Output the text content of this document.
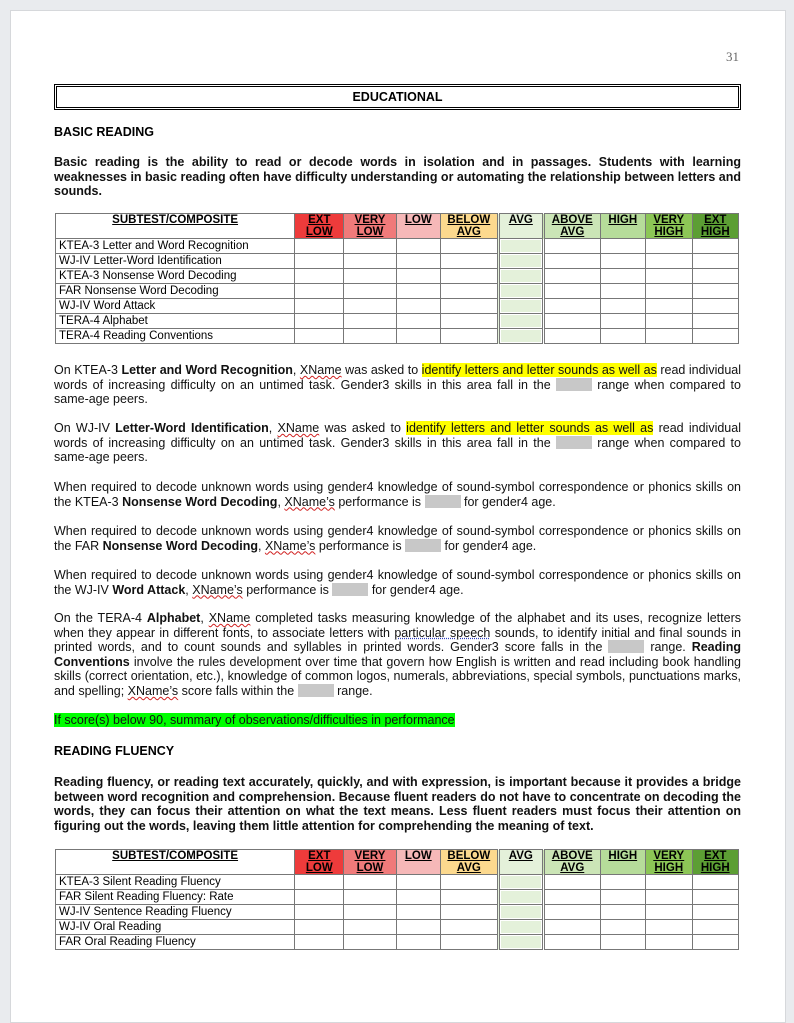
31
EDUCATIONAL
BASIC READING

Basic reading is the ability to read or decode words in isolation and in passages. Students with learning weaknesses in basic reading often have difficulty understanding or automating the relationship between letters and sounds.

SUBTEST/COMPOSITE	EXT LOW	VERY LOW	LOW	BELOW AVG	AVG	ABOVE AVG	HIGH	VERY HIGH	EXT HIGH
KTEA-3 Letter and Word Recognition									
WJ-IV Letter-Word Identification									
KTEA-3 Nonsense Word Decoding									
FAR Nonsense Word Decoding									
WJ-IV Word Attack									
TERA-4 Alphabet									
TERA-4 Reading Conventions									

On KTEA-3 Letter and Word Recognition, XName was asked to identify letters and letter sounds as well as read individual words of increasing difficulty on an untimed task. Gender3 skills in this area fall in the	range when compared to same-age peers.

On WJ-IV Letter-Word Identification, XName was asked to identify letters and letter sounds as well as read individual words of increasing difficulty on an untimed task. Gender3 skills in this area fall in the	range when compared to same-age peers.

When required to decode unknown words using gender4 knowledge of sound-symbol correspondence or phonics skills on the KTEA-3 Nonsense Word Decoding, XName’s performance is	for gender4 age.

When required to decode unknown words using gender4 knowledge of sound-symbol correspondence or phonics skills on the FAR Nonsense Word Decoding, XName’s performance is	for gender4 age.

When required to decode unknown words using gender4 knowledge of sound-symbol correspondence or phonics skills on the WJ-IV Word Attack, XName’s performance is	for gender4 age.

On the TERA-4 Alphabet, XName completed tasks measuring knowledge of the alphabet and its uses, recognize letters when they appear in different fonts, to associate letters with particular speech sounds, to identify initial and final sounds in printed words, and to count sounds and syllables in printed words. Gender3 score falls in the	range. Reading Conventions involve the rules development over time that govern how English is written and read including book handling skills (correct orientation, etc.), knowledge of common logos, numerals, abbreviations, special symbols, punctuations marks, and spelling; XName’s score falls within the	range.

If score(s) below 90, summary of observations/difficulties in performance

READING FLUENCY

Reading fluency, or reading text accurately, quickly, and with expression, is important because it provides a bridge between word recognition and comprehension. Because fluent readers do not have to concentrate on decoding the words, they can focus their attention on what the text means. Less fluent readers must focus their attention on figuring out the words, leaving them little attention for comprehending the meaning of text.

SUBTEST/COMPOSITE	EXT LOW	VERY LOW	LOW	BELOW AVG	AVG	ABOVE AVG	HIGH	VERY HIGH	EXT HIGH
KTEA-3 Silent Reading Fluency									
FAR Silent Reading Fluency: Rate									
WJ-IV Sentence Reading Fluency									
WJ-IV Oral Reading									
FAR Oral Reading Fluency									
